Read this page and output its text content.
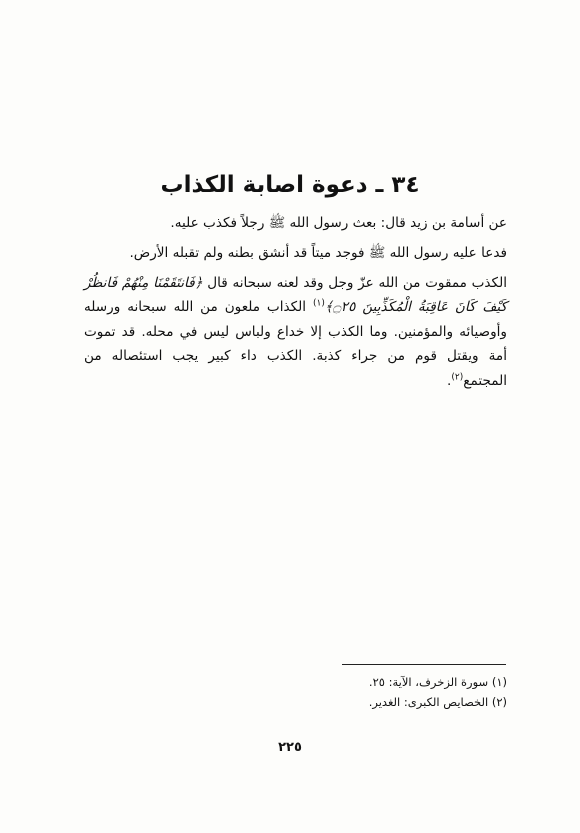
٣٤ ـ دعوة اصابة الكذاب

عن أسامة بن زيد قال: بعث رسول الله ﷺ رجلاً فكذب عليه.

فدعا عليه رسول الله ﷺ فوجد ميتاً قد أنشق بطنه ولم تقبله الأرض.

الكذب ممقوت من الله عزّ وجل وقد لعنه سبحانه قال ﴿فَانتَقَمْنَا مِنْهُمْ فَانظُرْ كَيْفَ كَانَ عَاقِبَةُ الْمُكَذِّبِينَ ۝٢٥﴾$^{(١)}$ الكذاب ملعون من الله سبحانه ورسله وأوصيائه والمؤمنين. وما الكذب إلا خداع ولباس ليس في محله. قد تموت أمة ويقتل قوم من جراء كذبة. الكذب داء كبير يجب استئصاله من المجتمع$^{(٢)}$.

(١) سورة الزخرف، الآية: ٢٥.
(٢) الخصايص الكبرى: الغدير.
٢٢٥
